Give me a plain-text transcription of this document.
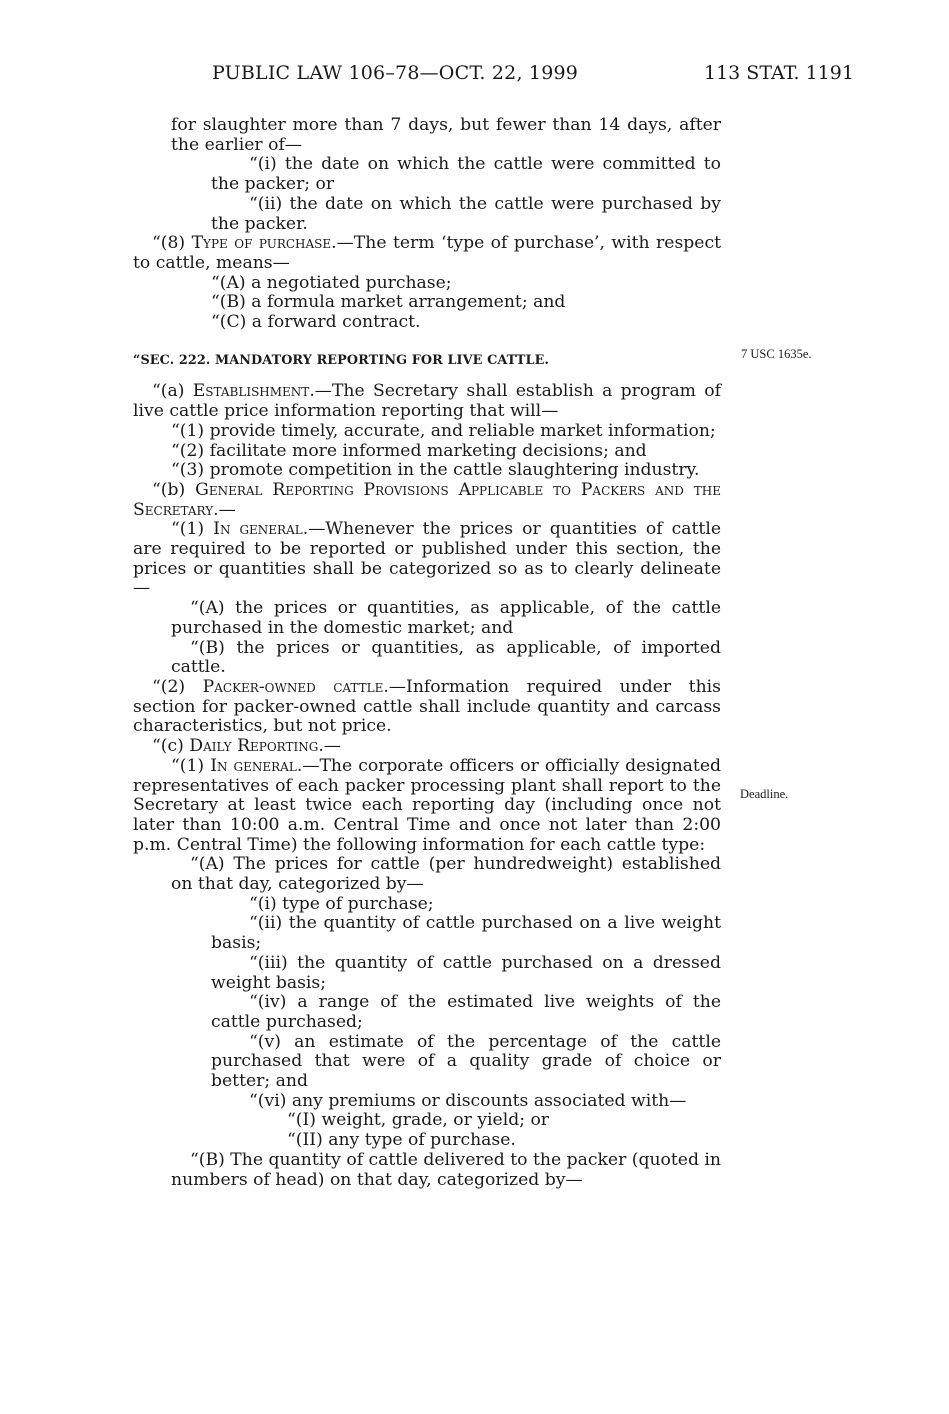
PUBLIC LAW 106–78—OCT. 22, 1999	113 STAT. 1191
7 USC 1635e.
Deadline.

for slaughter more than 7 days, but fewer than 14 days, after the earlier of—

“(i) the date on which the cattle were committed to the packer; or

“(ii) the date on which the cattle were purchased by the packer.

“(8) Type of purchase.—The term ‘type of purchase’, with respect to cattle, means—

“(A) a negotiated purchase;

“(B) a formula market arrangement; and

“(C) a forward contract.

“SEC. 222. MANDATORY REPORTING FOR LIVE CATTLE.

“(a) Establishment.—The Secretary shall establish a program of live cattle price information reporting that will—

“(1) provide timely, accurate, and reliable market information;

“(2) facilitate more informed marketing decisions; and

“(3) promote competition in the cattle slaughtering industry.

“(b) General Reporting Provisions Applicable to Packers and the Secretary.—

“(1) In general.—Whenever the prices or quantities of cattle are required to be reported or published under this section, the prices or quantities shall be categorized so as to clearly delineate—

“(A) the prices or quantities, as applicable, of the cattle purchased in the domestic market; and

“(B) the prices or quantities, as applicable, of imported cattle.

“(2) Packer-owned cattle.—Information required under this section for packer-owned cattle shall include quantity and carcass characteristics, but not price.

“(c) Daily Reporting.—

“(1) In general.—The corporate officers or officially designated representatives of each packer processing plant shall report to the Secretary at least twice each reporting day (including once not later than 10:00 a.m. Central Time and once not later than 2:00 p.m. Central Time) the following information for each cattle type:

“(A) The prices for cattle (per hundredweight) established on that day, categorized by—

“(i) type of purchase;

“(ii) the quantity of cattle purchased on a live weight basis;

“(iii) the quantity of cattle purchased on a dressed weight basis;

“(iv) a range of the estimated live weights of the cattle purchased;

“(v) an estimate of the percentage of the cattle purchased that were of a quality grade of choice or better; and

“(vi) any premiums or discounts associated with—

“(I) weight, grade, or yield; or

“(II) any type of purchase.

“(B) The quantity of cattle delivered to the packer (quoted in numbers of head) on that day, categorized by—
